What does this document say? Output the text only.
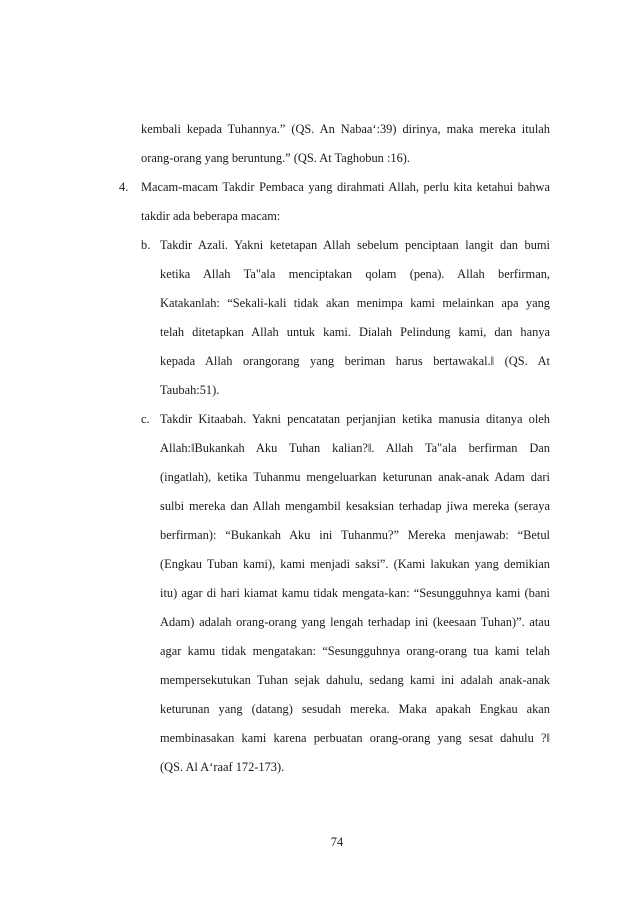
kembali kepada Tuhannya.” (QS. An Nabaa‘:39) dirinya, maka mereka itulah
orang-orang yang beruntung.” (QS. At Taghobun :16).
4. Macam-macam Takdir Pembaca yang dirahmati Allah, perlu kita ketahui bahwa
takdir ada beberapa macam:
b. Takdir Azali. Yakni ketetapan Allah sebelum penciptaan langit dan bumi
ketika Allah Ta"ala menciptakan qolam (pena). Allah berfirman,
Katakanlah: “Sekali-kali tidak akan menimpa kami melainkan apa yang
telah ditetapkan Allah untuk kami. Dialah Pelindung kami, dan hanya
kepada Allah orangorang yang beriman harus bertawakal.‖ (QS. At
Taubah:51).
c. Takdir Kitaabah. Yakni pencatatan perjanjian ketika manusia ditanya oleh
Allah:‖Bukankah Aku Tuhan kalian?‖. Allah Ta"ala berfirman Dan
(ingatlah), ketika Tuhanmu mengeluarkan keturunan anak-anak Adam dari
sulbi mereka dan Allah mengambil kesaksian terhadap jiwa mereka (seraya
berfirman): “Bukankah Aku ini Tuhanmu?” Mereka menjawab: “Betul
(Engkau Tuban kami), kami menjadi saksi”. (Kami lakukan yang demikian
itu) agar di hari kiamat kamu tidak mengata-kan: “Sesungguhnya kami (bani
Adam) adalah orang-orang yang lengah terhadap ini (keesaan Tuhan)”. atau
agar kamu tidak mengatakan: “Sesungguhnya orang-orang tua kami telah
mempersekutukan Tuhan sejak dahulu, sedang kami ini adalah anak-anak
keturunan yang (datang) sesudah mereka. Maka apakah Engkau akan
membinasakan kami karena perbuatan orang-orang yang sesat dahulu ?‖
(QS. Al A‘raaf 172-173).
74
